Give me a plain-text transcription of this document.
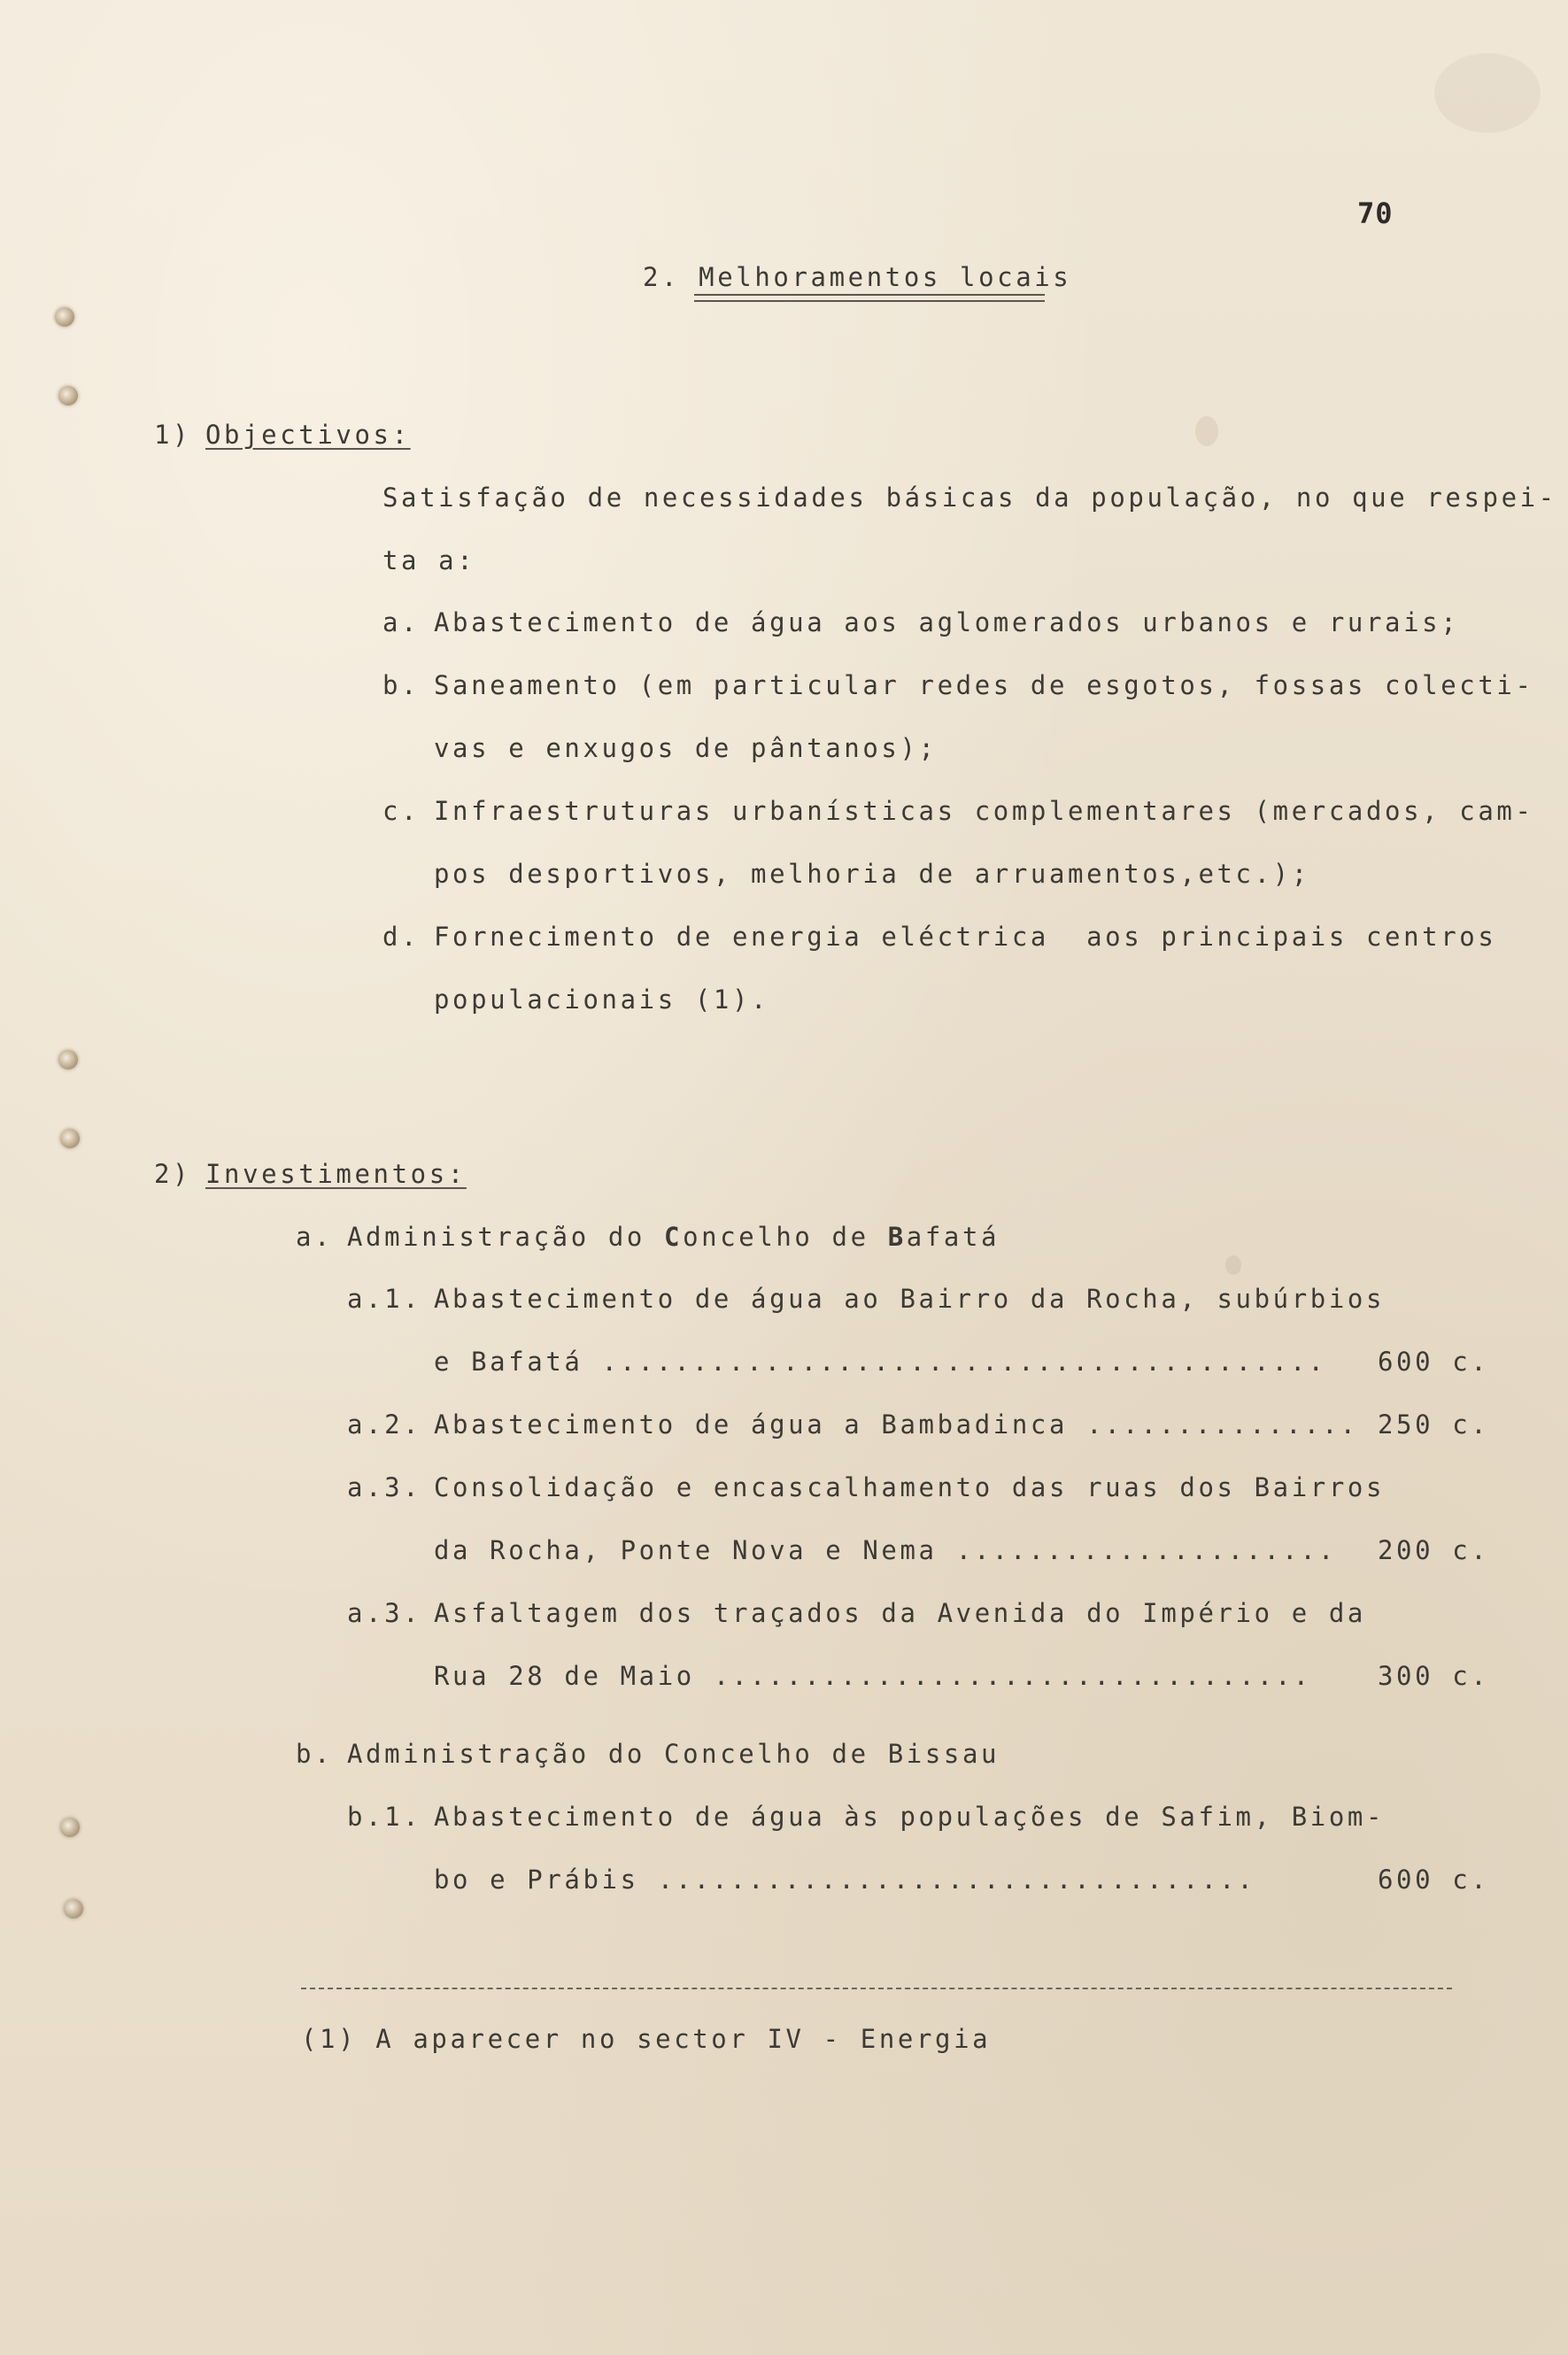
70
2. Melhoramentos locais
1) Objectivos:
Satisfação de necessidades básicas da população, no que respei-
ta a:
a. Abastecimento de água aos aglomerados urbanos e rurais;
b. Saneamento (em particular redes de esgotos, fossas colecti-
vas e enxugos de pântanos);
c. Infraestruturas urbanísticas complementares (mercados, cam-
pos desportivos, melhoria de arruamentos,etc.);
d. Fornecimento de energia eléctrica  aos principais centros
populacionais (1).
2) Investimentos:
a. Administração do Concelho de Bafatá
a.1. Abastecimento de água ao Bairro da Rocha, subúrbios
e Bafatá ........................................ 600 c.
a.2. Abastecimento de água a Bambadinca ............... 250 c.
a.3. Consolidação e encascalhamento das ruas dos Bairros
da Rocha, Ponte Nova e Nema ..................... 200 c.
a.3. Asfaltagem dos traçados da Avenida do Império e da
Rua 28 de Maio .................................	300 c.
b. Administração do Concelho de Bissau
b.1. Abastecimento de água às populações de Safim, Biom-
bo e Prábis .................................	600 c.
(1) A aparecer no sector IV - Energia
